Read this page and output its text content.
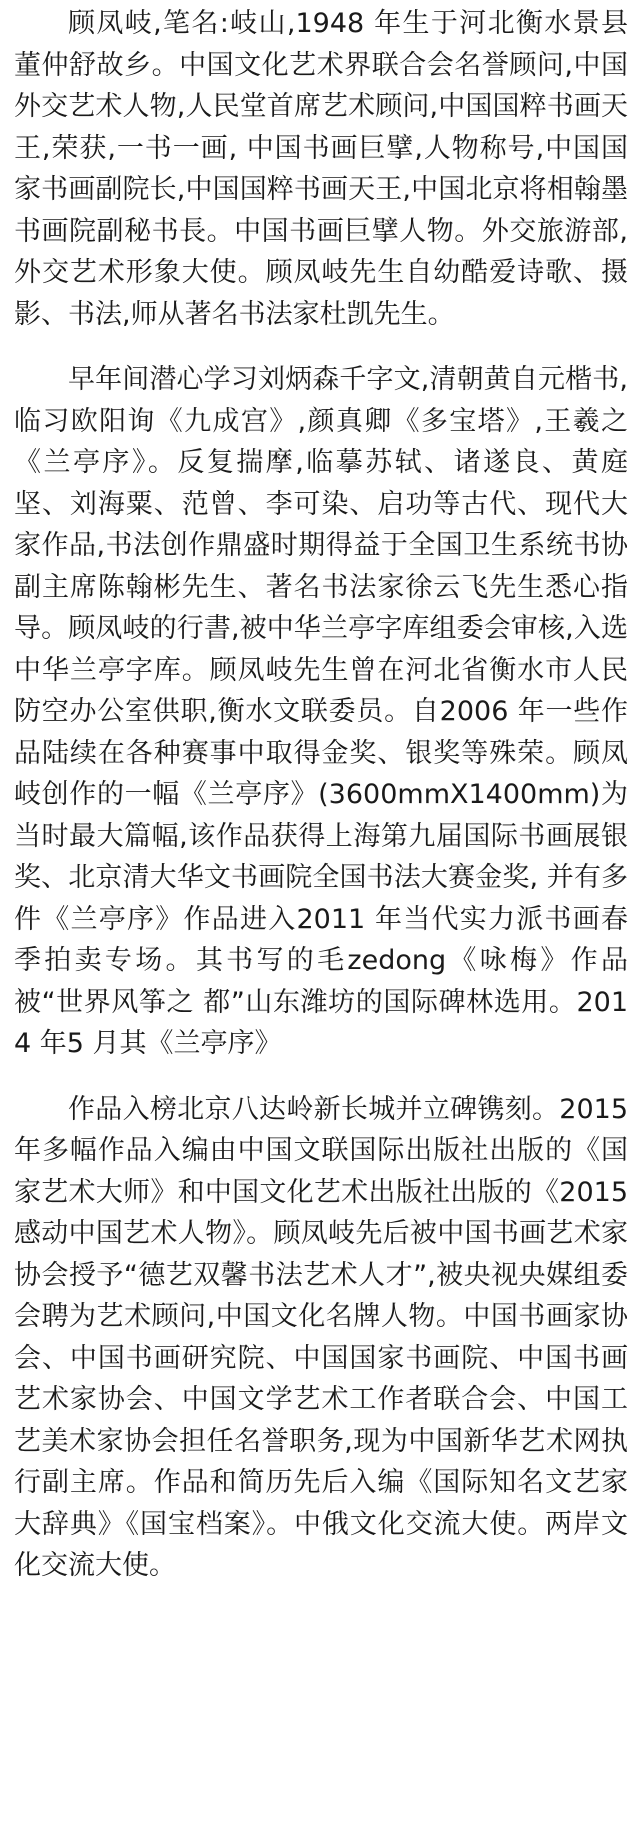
顾凤岐,笔名:岐山,1948 年生于河北衡水景县董仲舒故乡。中国文化艺术界联合会名誉顾问,中国外交艺术人物,人民堂首席艺术顾问,中国国粹书画天王,荣获,一书一画, 中国书画巨擘,人物称号,中国国家书画副院长,中国国粹书画天王,中国北京将相翰墨书画院副秘书長。中国书画巨擘人物。外交旅游部,外交艺术形象大使。顾凤岐先生自幼酷爱诗歌、摄影、书法,师从著名书法家杜凯先生。

早年间潜心学习刘炳森千字文,清朝黄自元楷书,临习欧阳询《九成宫》,颜真卿《多宝塔》,王羲之《兰亭序》。反复揣摩,临摹苏轼、诸遂良、黄庭坚、刘海粟、范曾、李可染、启功等古代、现代大家作品,书法创作鼎盛时期得益于全国卫生系统书协副主席陈翰彬先生、著名书法家徐云飞先生悉心指导。顾凤岐的行書,被中华兰亭字库组委会审核,入选中华兰亭字库。顾凤岐先生曾在河北省衡水市人民防空办公室供职,衡水文联委员。自2006 年一些作品陆续在各种赛事中取得金奖、银奖等殊荣。顾凤岐创作的一幅《兰亭序》(3600mmX1400mm)为当时最大篇幅,该作品获得上海第九届国际书画展银奖、北京清大华文书画院全国书法大赛金奖, 并有多件《兰亭序》作品进入2011 年当代实力派书画春季拍卖专场。其书写的毛zedong《咏梅》作品被“世界风筝之 都”山东潍坊的国际碑林选用。2014 年5 月其《兰亭序》

作品入榜北京八达岭新长城并立碑镌刻。2015 年多幅作品入编由中国文联国际出版社出版的《国家艺术大师》和中国文化艺术出版社出版的《2015 感动中国艺术人物》。顾凤岐先后被中国书画艺术家协会授予“德艺双馨书法艺术人才”,被央视央媒组委会聘为艺术顾问,中国文化名牌人物。中国书画家协会、中国书画研究院、中国国家书画院、中国书画艺术家协会、中国文学艺术工作者联合会、中国工艺美术家协会担任名誉职务,现为中国新华艺术网执行副主席。作品和简历先后入编《国际知名文艺家大辞典》《国宝档案》。中俄文化交流大使。两岸文化交流大使。
